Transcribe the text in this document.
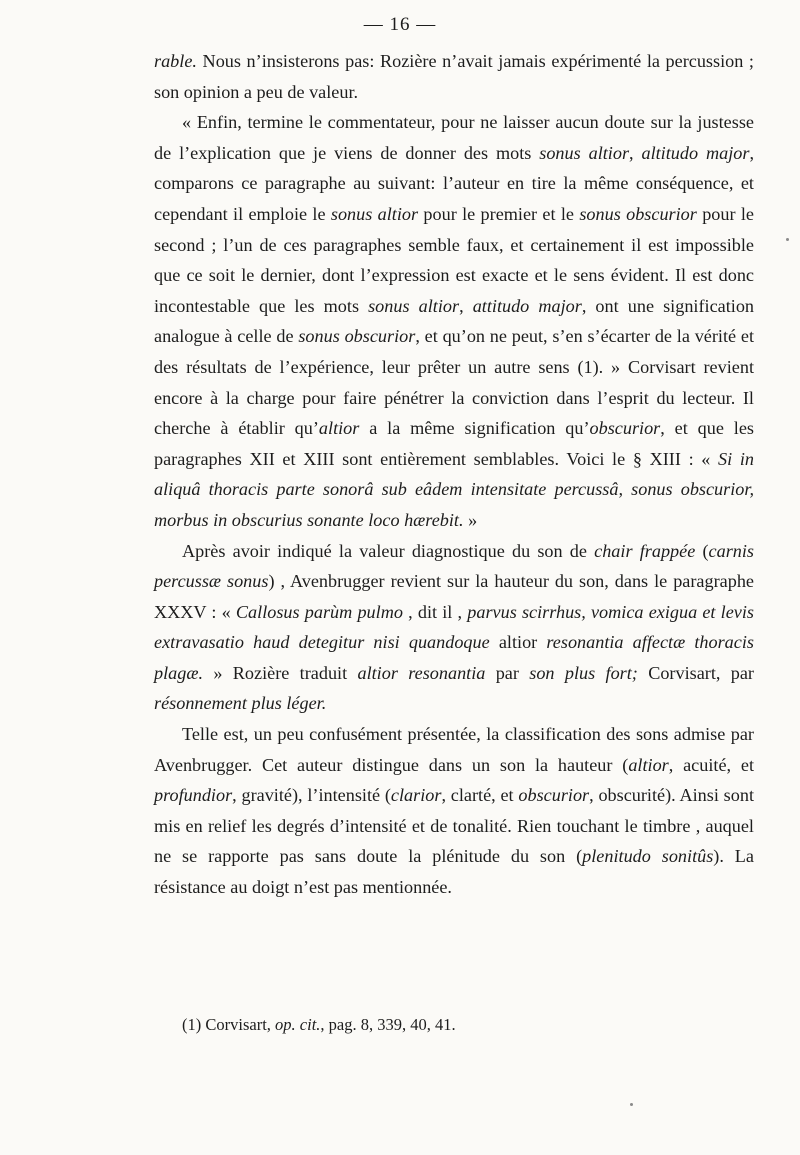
— 16 —

rable. Nous n’insisterons pas: Rozière n’avait jamais expérimenté la percussion ; son opinion a peu de valeur.

« Enfin, termine le commentateur, pour ne laisser aucun doute sur la justesse de l’explication que je viens de donner des mots sonus altior, altitudo major, comparons ce paragraphe au suivant: l’auteur en tire la même conséquence, et cependant il emploie le sonus altior pour le premier et le sonus obscurior pour le second ; l’un de ces paragraphes semble faux, et certainement il est impossible que ce soit le dernier, dont l’expression est exacte et le sens évident. Il est donc incontestable que les mots sonus altior, attitudo major, ont une signification analogue à celle de sonus obscurior, et qu’on ne peut, s’en s’écarter de la vérité et des résultats de l’expérience, leur prêter un autre sens (1). » Corvisart revient encore à la charge pour faire pénétrer la conviction dans l’esprit du lecteur. Il cherche à établir qu’altior a la même signification qu’obscurior, et que les paragraphes XII et XIII sont entièrement semblables. Voici le § XIII : « Si in aliquâ thoracis parte sonorâ sub eâdem intensitate percussâ, sonus obscurior, morbus in obscurius sonante loco hærebit. »

Après avoir indiqué la valeur diagnostique du son de chair frappée (carnis percussæ sonus) , Avenbrugger revient sur la hauteur du son, dans le paragraphe XXXV : « Callosus parùm pulmo , dit il , parvus scirrhus, vomica exigua et levis extravasatio haud detegitur nisi quandoque altior resonantia affectæ thoracis plagæ. » Rozière traduit altior resonantia par son plus fort; Corvisart, par résonnement plus léger.

Telle est, un peu confusément présentée, la classification des sons admise par Avenbrugger. Cet auteur distingue dans un son la hauteur (altior, acuité, et profundior, gravité), l’intensité (clarior, clarté, et obscurior, obscurité). Ainsi sont mis en relief les degrés d’intensité et de tonalité. Rien touchant le timbre , auquel ne se rapporte pas sans doute la plénitude du son (plenitudo sonitûs). La résistance au doigt n’est pas mentionnée.

(1) Corvisart, op. cit., pag. 8, 339, 40, 41.
